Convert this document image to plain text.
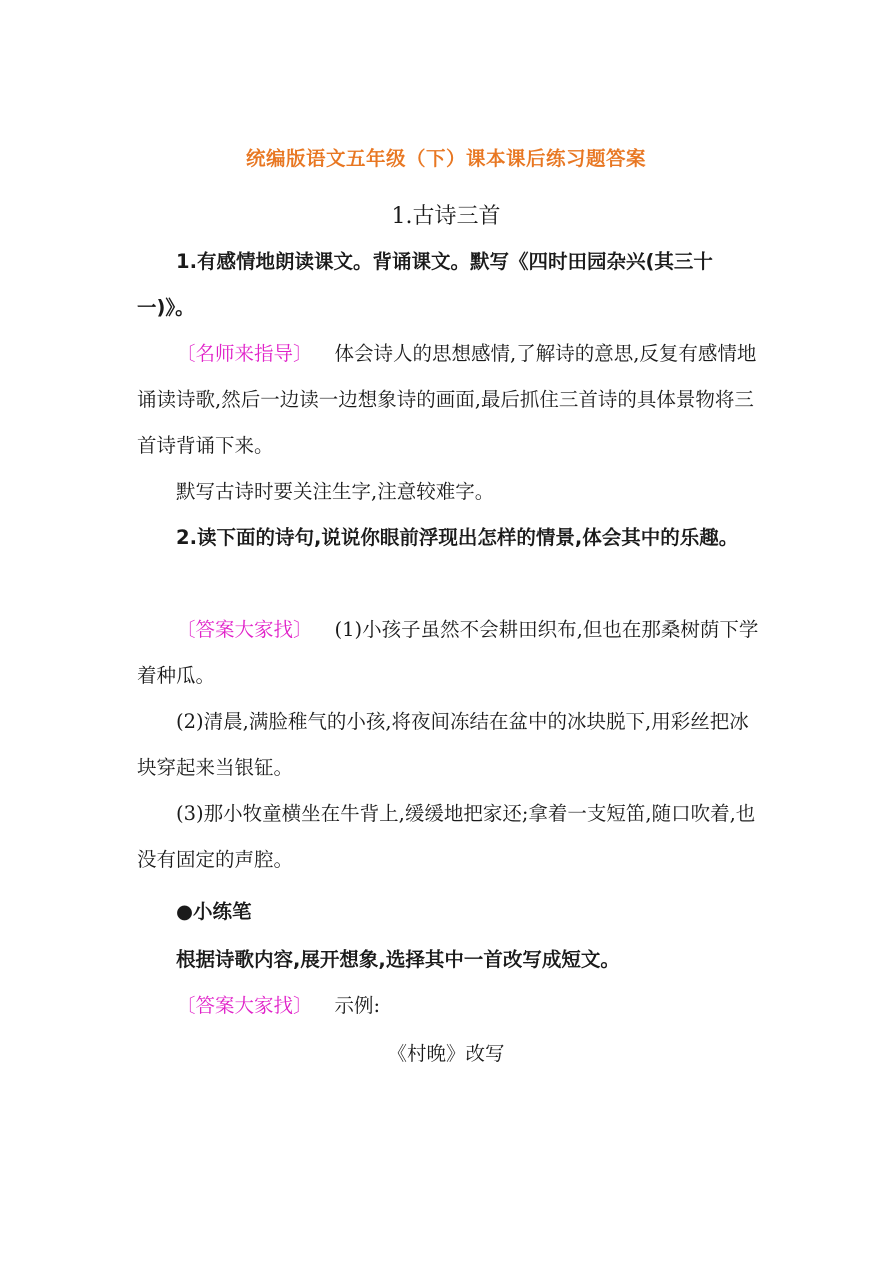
统编版语文五年级（下）课本课后练习题答案
1.古诗三首

1.有感情地朗读课文。背诵课文。默写《四时田园杂兴(其三十一)》。

〔名师来指导〕 体会诗人的思想感情,了解诗的意思,反复有感情地诵读诗歌,然后一边读一边想象诗的画面,最后抓住三首诗的具体景物将三首诗背诵下来。

默写古诗时要关注生字,注意较难字。

2.读下面的诗句,说说你眼前浮现出怎样的情景,体会其中的乐趣。

〔答案大家找〕 (1)小孩子虽然不会耕田织布,但也在那桑树荫下学着种瓜。

(2)清晨,满脸稚气的小孩,将夜间冻结在盆中的冰块脱下,用彩丝把冰块穿起来当银钲。

(3)那小牧童横坐在牛背上,缓缓地把家还;拿着一支短笛,随口吹着,也没有固定的声腔。

●小练笔

根据诗歌内容,展开想象,选择其中一首改写成短文。

〔答案大家找〕 示例:

《村晚》改写
